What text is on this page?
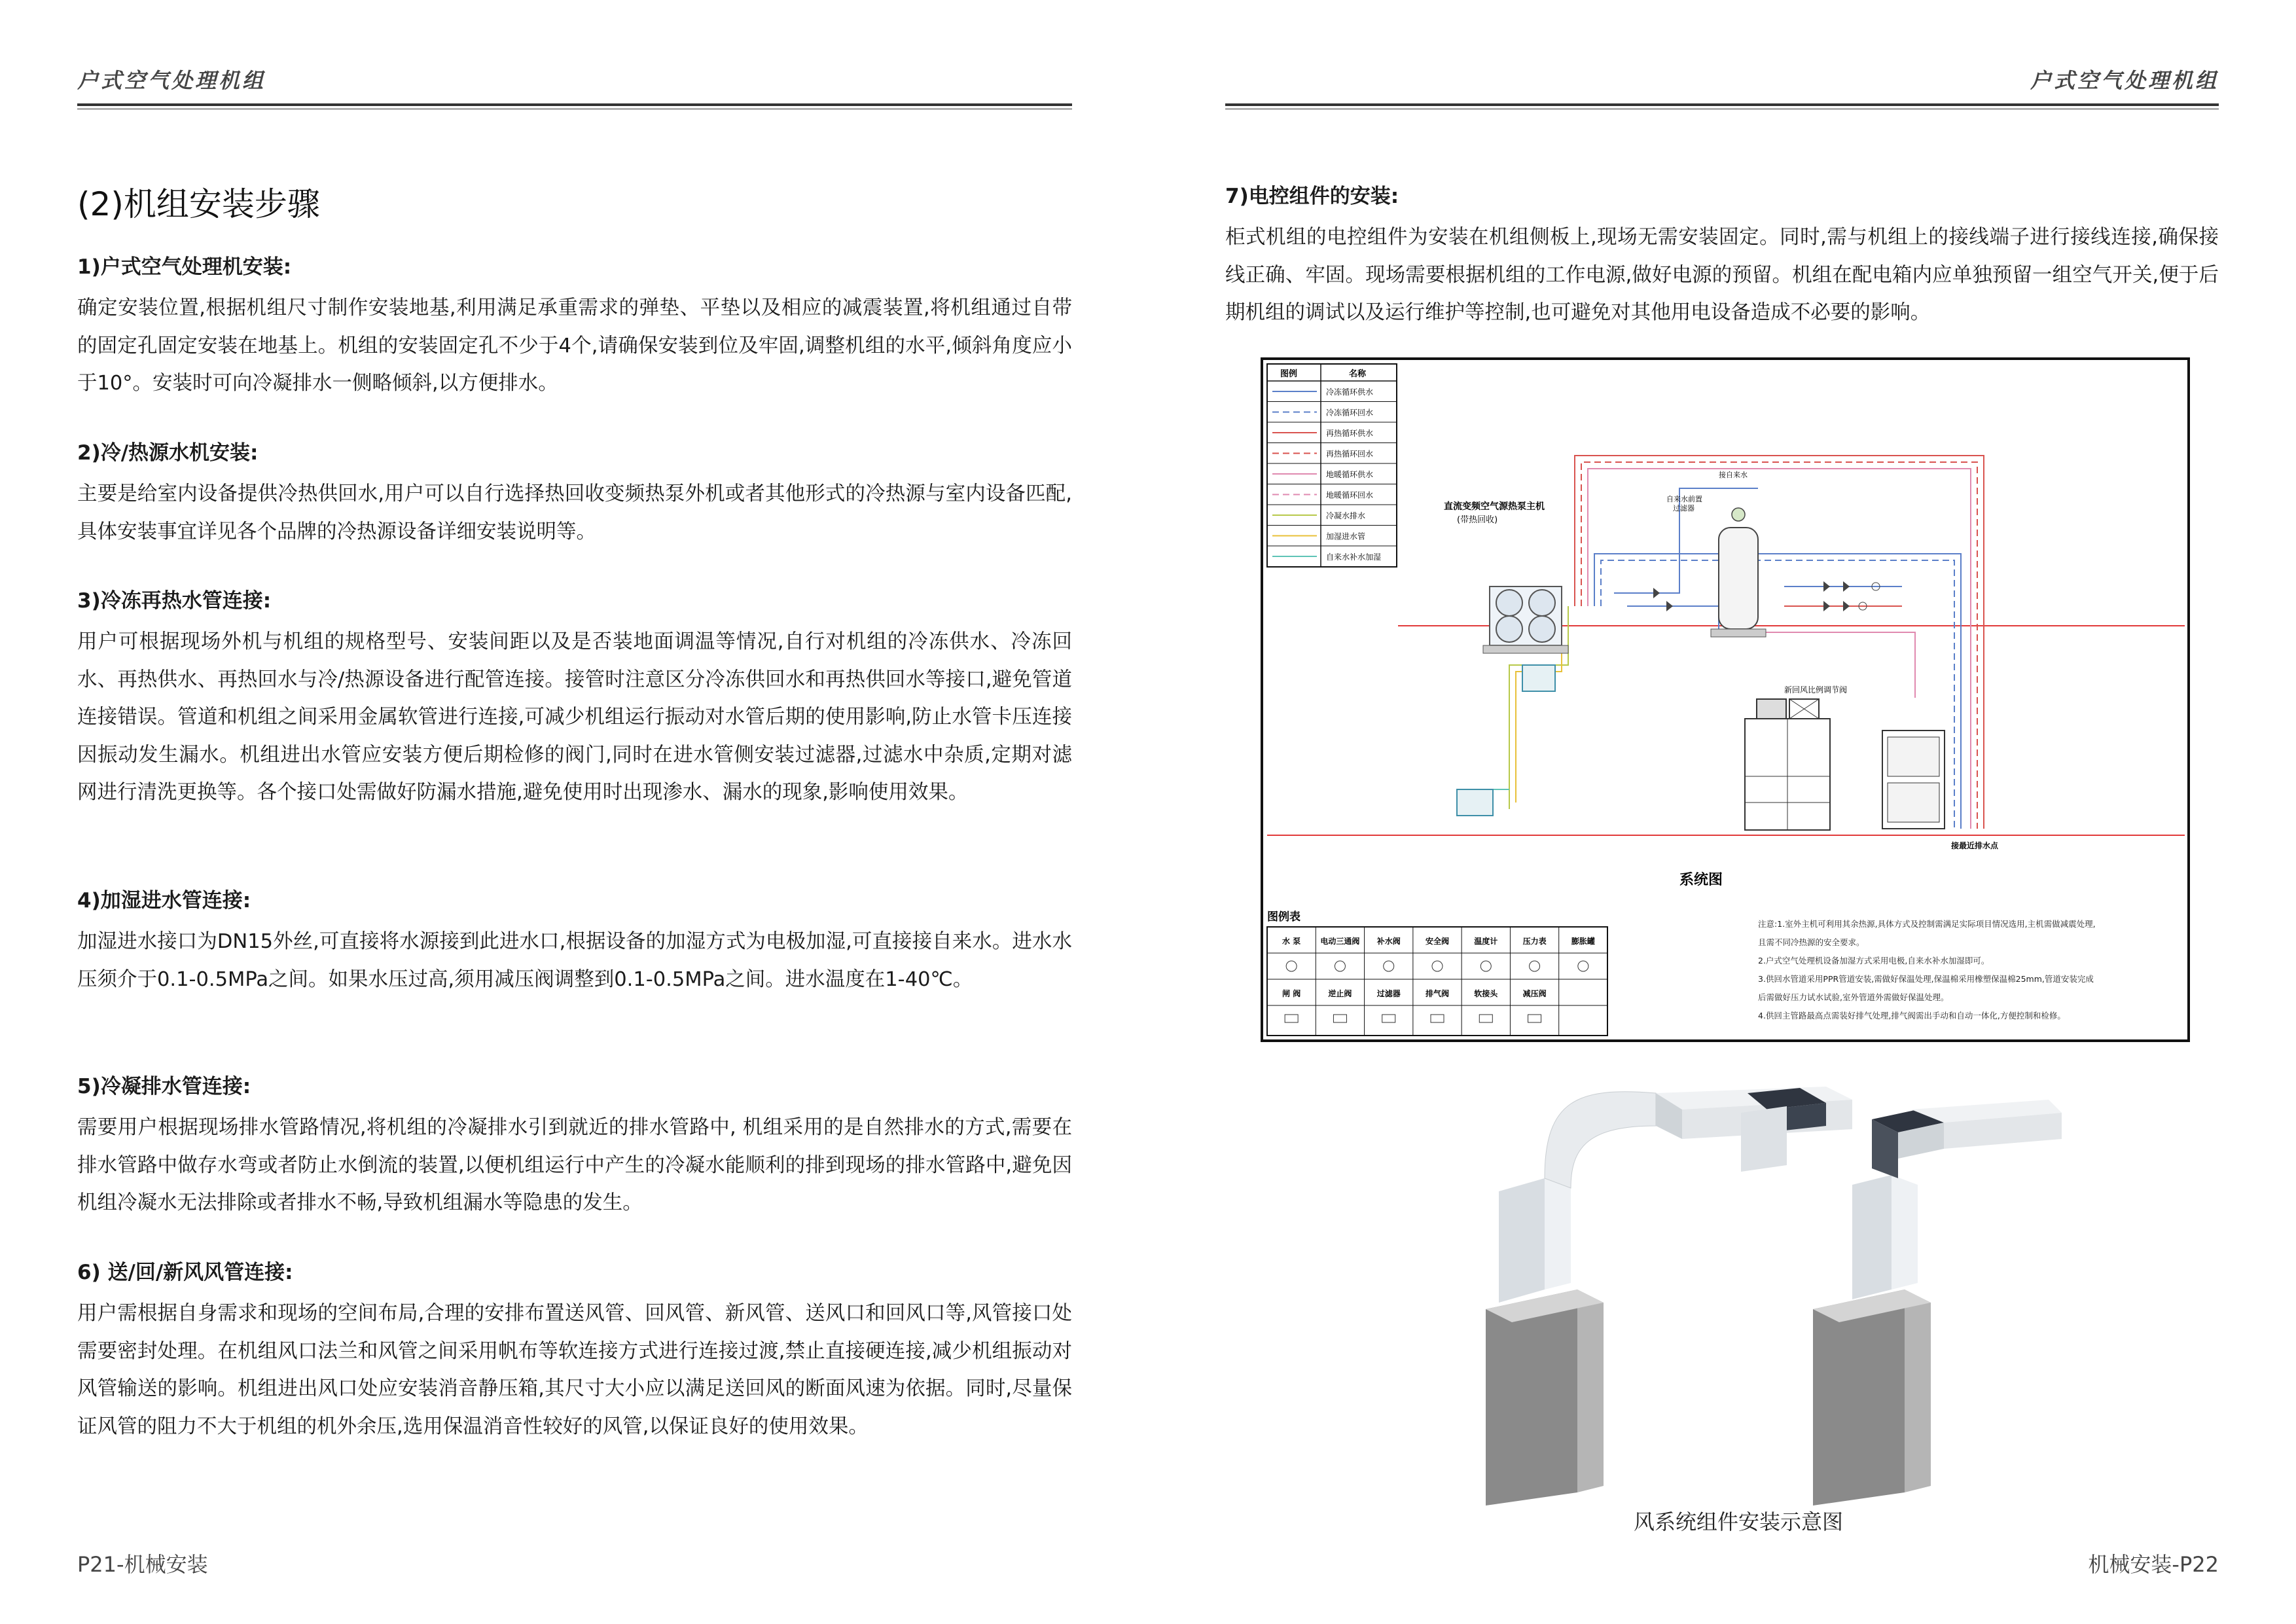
户式空气处理机组
(2)机组安装步骤
1)户式空气处理机安装:
确定安装位置,根据机组尺寸制作安装地基,利用满足承重需求的弹垫、平垫以及相应的减震装置,将机组通过自带的固定孔固定安装在地基上。机组的安装固定孔不少于4个,请确保安装到位及牢固,调整机组的水平,倾斜角度应小于10°。安装时可向冷凝排水一侧略倾斜,以方便排水。
2)冷/热源水机安装:
主要是给室内设备提供冷热供回水,用户可以自行选择热回收变频热泵外机或者其他形式的冷热源与室内设备匹配,具体安装事宜详见各个品牌的冷热源设备详细安装说明等。
3)冷冻再热水管连接:
用户可根据现场外机与机组的规格型号、安装间距以及是否装地面调温等情况,自行对机组的冷冻供水、冷冻回水、再热供水、再热回水与冷/热源设备进行配管连接。接管时注意区分冷冻供回水和再热供回水等接口,避免管道连接错误。管道和机组之间采用金属软管进行连接,可减少机组运行振动对水管后期的使用影响,防止水管卡压连接因振动发生漏水。机组进出水管应安装方便后期检修的阀门,同时在进水管侧安装过滤器,过滤水中杂质,定期对滤网进行清洗更换等。各个接口处需做好防漏水措施,避免使用时出现渗水、漏水的现象,影响使用效果。
4)加湿进水管连接:
加湿进水接口为DN15外丝,可直接将水源接到此进水口,根据设备的加湿方式为电极加湿,可直接接自来水。进水水压须介于0.1-0.5MPa之间。如果水压过高,须用减压阀调整到0.1-0.5MPa之间。进水温度在1-40℃。
5)冷凝排水管连接:
需要用户根据现场排水管路情况,将机组的冷凝排水引到就近的排水管路中, 机组采用的是自然排水的方式,需要在排水管路中做存水弯或者防止水倒流的装置,以便机组运行中产生的冷凝水能顺利的排到现场的排水管路中,避免因机组冷凝水无法排除或者排水不畅,导致机组漏水等隐患的发生。
6) 送/回/新风风管连接:
用户需根据自身需求和现场的空间布局,合理的安排布置送风管、回风管、新风管、送风口和回风口等,风管接口处需要密封处理。在机组风口法兰和风管之间采用帆布等软连接方式进行连接过渡,禁止直接硬连接,减少机组振动对风管输送的影响。机组进出风口处应安装消音静压箱,其尺寸大小应以满足送回风的断面风速为依据。同时,尽量保证风管的阻力不大于机组的机外余压,选用保温消音性较好的风管,以保证良好的使用效果。
P21-机械安装
户式空气处理机组
7)电控组件的安装:
柜式机组的电控组件为安装在机组侧板上,现场无需安装固定。同时,需与机组上的接线端子进行接线连接,确保接线正确、牢固。现场需要根据机组的工作电源,做好电源的预留。机组在配电箱内应单独预留一组空气开关,便于后期机组的调试以及运行维护等控制,也可避免对其他用电设备造成不必要的影响。
机械安装-P22
图例	名称
冷冻循环供水
冷冻循环回水
再热循环供水
再热循环回水
地暖循环供水
地暖循环回水
冷凝水排水
加湿进水管
自来水补水加湿
直流变频空气源热泵主机
(带热回收)
接自来水
自来水前置
过滤器
新回风比例调节阀
接最近排水点
系统图
图例表
水 泵	电动三通阀 补水阀	安全阀	温度计	压力表	膨胀罐
闸 阀	逆止阀	过滤器	排气阀	软接头	减压阀
注意:1.室外主机可利用其余热源,具体方式及控制需满足实际项目情况选用,主机需做减震处理,
且需不同冷热源的安全要求。
2.户式空气处理机设备加湿方式采用电极,自来水补水加湿即可。
3.供回水管道采用PPR管道安装,需做好保温处理,保温棉采用橡塑保温棉25mm,管道安装完成
后需做好压力试水试验,室外管道外需做好保温处理。
4.供回主管路最高点需装好排气处理,排气阀需出手动和自动一体化,方便控制和检修。
风系统组件安装示意图
